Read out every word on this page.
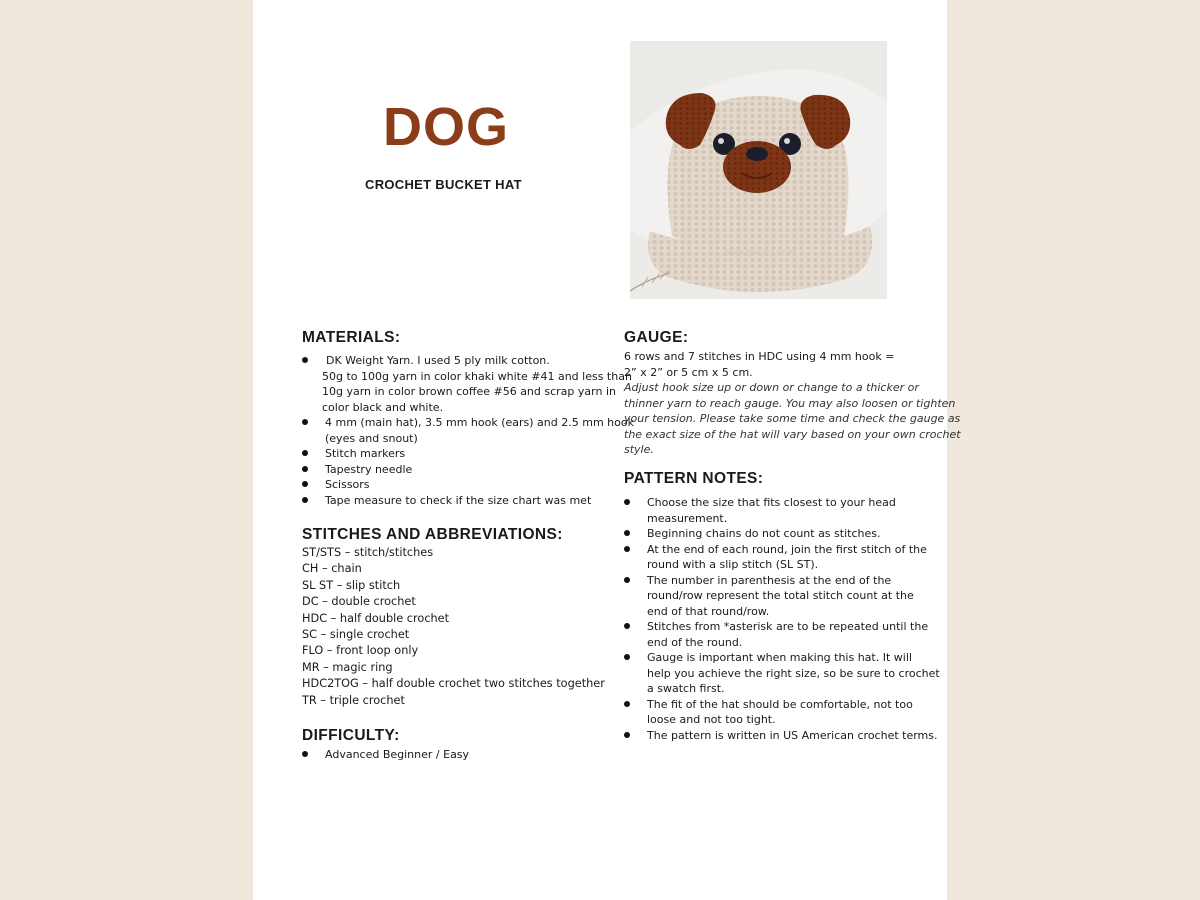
DOG
CROCHET BUCKET HAT
NOOK CRAFTS & STUFF
MATERIALS:
DK Weight Yarn. I used 5 ply milk cotton.
50g to 100g yarn in color khaki white #41 and less than
10g yarn in color brown coffee #56 and scrap yarn in
color black and white.
4 mm (main hat), 3.5 mm hook (ears) and 2.5 mm hook
(eyes and snout)
Stitch markers
Tapestry needle
Scissors
Tape measure to check if the size chart was met
STITCHES AND ABBREVIATIONS:
ST/STS – stitch/stitches
CH – chain
SL ST – slip stitch
DC – double crochet
HDC – half double crochet
SC – single crochet
FLO – front loop only
MR – magic ring
HDC2TOG – half double crochet two stitches together
TR – triple crochet
DIFFICULTY:
Advanced Beginner / Easy
GAUGE:
6 rows and 7 stitches in HDC using 4 mm hook =
2” x 2” or 5 cm x 5 cm.
Adjust hook size up or down or change to a thicker or
thinner yarn to reach gauge. You may also loosen or tighten
your tension. Please take some time and check the gauge as
the exact size of the hat will vary based on your own crochet
style.
PATTERN NOTES:
Choose the size that fits closest to your head
measurement.
Beginning chains do not count as stitches.
At the end of each round, join the first stitch of the
round with a slip stitch (SL ST).
The number in parenthesis at the end of the
round/row represent the total stitch count at the
end of that round/row.
Stitches from *asterisk are to be repeated until the
end of the round.
Gauge is important when making this hat. It will
help you achieve the right size, so be sure to crochet
a swatch first.
The fit of the hat should be comfortable, not too
loose and not too tight.
The pattern is written in US American crochet terms.
